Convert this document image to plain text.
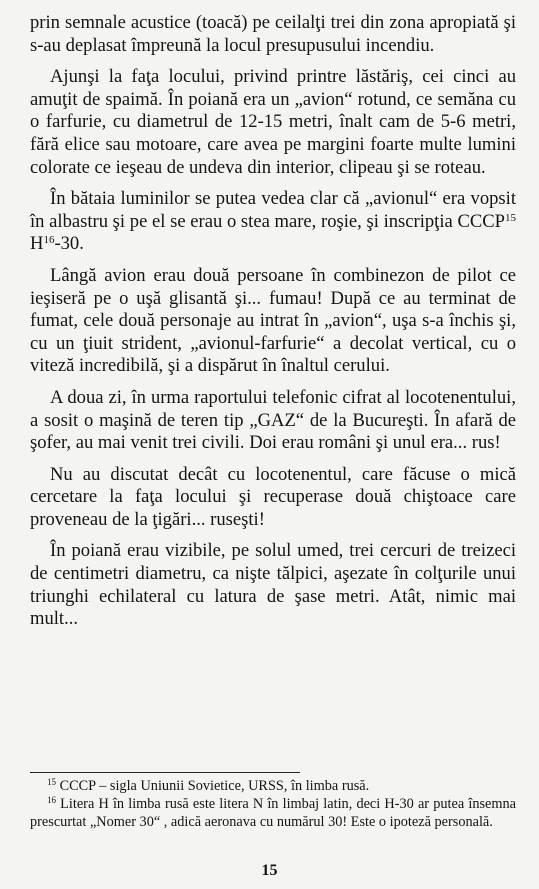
prin semnale acustice (toacă) pe ceilalţi trei din zona apropiată şi s-au deplasat împreună la locul presupusului incendiu.

Ajunşi la faţa locului, privind printre lăstăriş, cei cinci au amuţit de spaimă. În poiană era un „avion“ rotund, ce semăna cu o farfurie, cu diametrul de 12-15 metri, înalt cam de 5-6 metri, fără elice sau motoare, care avea pe margini foarte multe lumini colorate ce ieşeau de undeva din interior, clipeau şi se roteau.

În bătaia luminilor se putea vedea clar că „avionul“ era vopsit în albastru şi pe el se erau o stea mare, roşie, şi inscripţia CCCP$^{15}$ $H^{16}-30$.

Lângă avion erau două persoane în combinezon de pilot ce ieşiseră pe o uşă glisantă şi... fumau! După ce au terminat de fumat, cele două personaje au intrat în „avion“, uşa s-a închis şi, cu un ţiuit strident, „avionul-farfurie“ a decolat vertical, cu o viteză incredibilă, şi a dispărut în înaltul cerului.

A doua zi, în urma raportului telefonic cifrat al locotenentului, a sosit o maşină de teren tip „GAZ“ de la Bucureşti. În afară de şofer, au mai venit trei civili. Doi erau români şi unul era... rus!

Nu au discutat decât cu locotenentul, care făcuse o mică cercetare la faţa locului şi recuperase două chiştoace care proveneau de la ţigări... ruseşti!

În poiană erau vizibile, pe solul umed, trei cercuri de treizeci de centimetri diametru, ca nişte tălpici, aşezate în colţurile unui triunghi echilateral cu latura de şase metri. Atât, nimic mai mult...

$^{15}$ CCCP – sigla Uniunii Sovietice, URSS, în limba rusă.

$^{16}$ Litera H în limba rusă este litera N în limbaj latin, deci H-30 ar putea însemna prescurtat „Nomer 30“ , adică aeronava cu numărul 30! Este o ipoteză personală.

15
